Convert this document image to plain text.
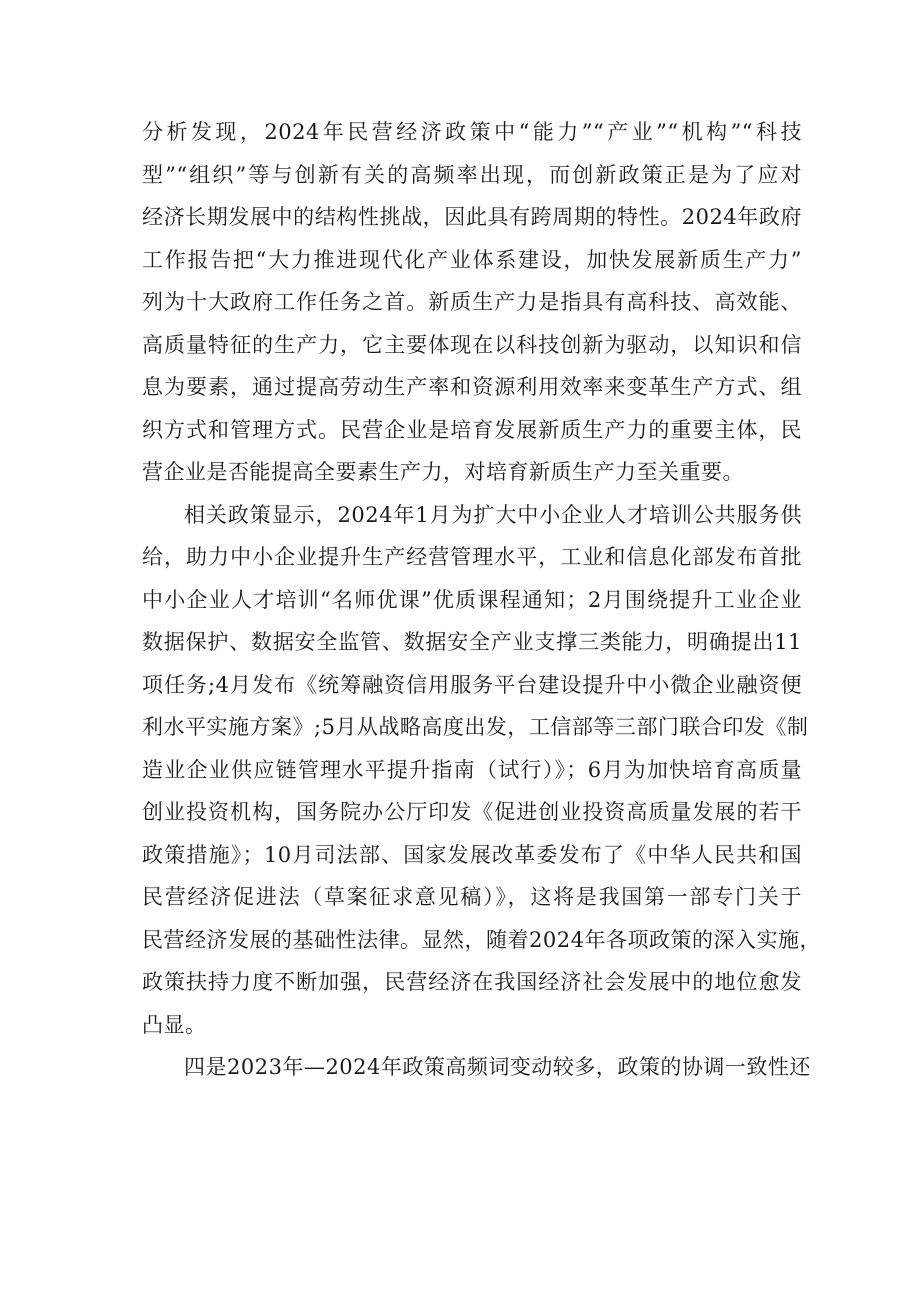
分析发现，2024年民营经济政策中“能力”“产业”“机构”“科技
型”“组织”等与创新有关的高频率出现，而创新政策正是为了应对
经济长期发展中的结构性挑战，因此具有跨周期的特性。2024年政府
工作报告把“大力推进现代化产业体系建设，加快发展新质生产力”
列为十大政府工作任务之首。新质生产力是指具有高科技、高效能、
高质量特征的生产力，它主要体现在以科技创新为驱动，以知识和信
息为要素，通过提高劳动生产率和资源利用效率来变革生产方式、组
织方式和管理方式。民营企业是培育发展新质生产力的重要主体，民
营企业是否能提高全要素生产力，对培育新质生产力至关重要。
相关政策显示，2024年1月为扩大中小企业人才培训公共服务供
给，助力中小企业提升生产经营管理水平，工业和信息化部发布首批
中小企业人才培训“名师优课”优质课程通知；2月围绕提升工业企业
数据保护、数据安全监管、数据安全产业支撑三类能力，明确提出11
项任务;4月发布《统筹融资信用服务平台建设提升中小微企业融资便
利水平实施方案》;5月从战略高度出发，工信部等三部门联合印发《制
造业企业供应链管理水平提升指南（试行）》；6月为加快培育高质量
创业投资机构，国务院办公厅印发《促进创业投资高质量发展的若干
政策措施》；10月司法部、国家发展改革委发布了《中华人民共和国
民营经济促进法（草案征求意见稿）》，这将是我国第一部专门关于
民营经济发展的基础性法律。显然，随着2024年各项政策的深入实施，
政策扶持力度不断加强，民营经济在我国经济社会发展中的地位愈发
凸显。
四是2023年—2024年政策高频词变动较多，政策的协调一致性还
